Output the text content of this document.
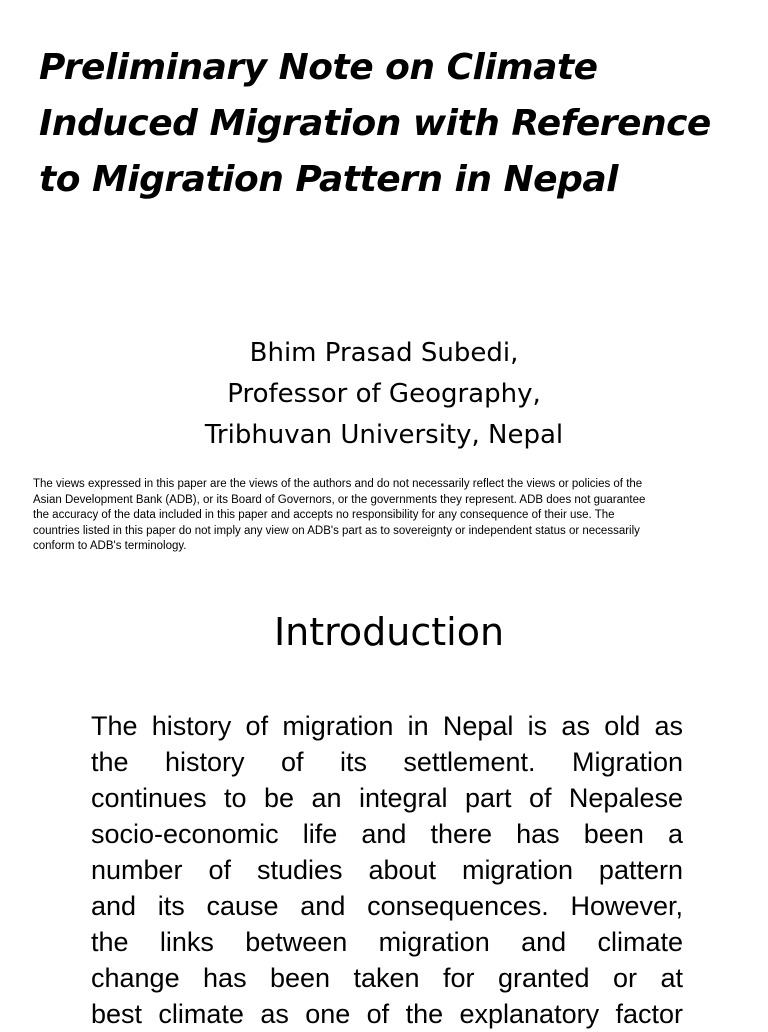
Preliminary Note on Climate
Induced Migration with Reference
to Migration Pattern in Nepal
Bhim Prasad Subedi,
Professor of Geography,
Tribhuvan University, Nepal
The views expressed in this paper are the views of the authors and do not necessarily reflect the views or policies of the
Asian Development Bank (ADB), or its Board of Governors, or the governments they represent. ADB does not guarantee
the accuracy of the data included in this paper and accepts no responsibility for any consequence of their use. The
countries listed in this paper do not imply any view on ADB's part as to sovereignty or independent status or necessarily
conform to ADB's terminology.
Introduction
The history of migration in Nepal is as old as
the history of its settlement. Migration
continues to be an integral part of Nepalese
socio-economic life and there has been a
number of studies about migration pattern
and its cause and consequences. However,
the links between migration and climate
change has been taken for granted or at
best climate as one of the explanatory factor
